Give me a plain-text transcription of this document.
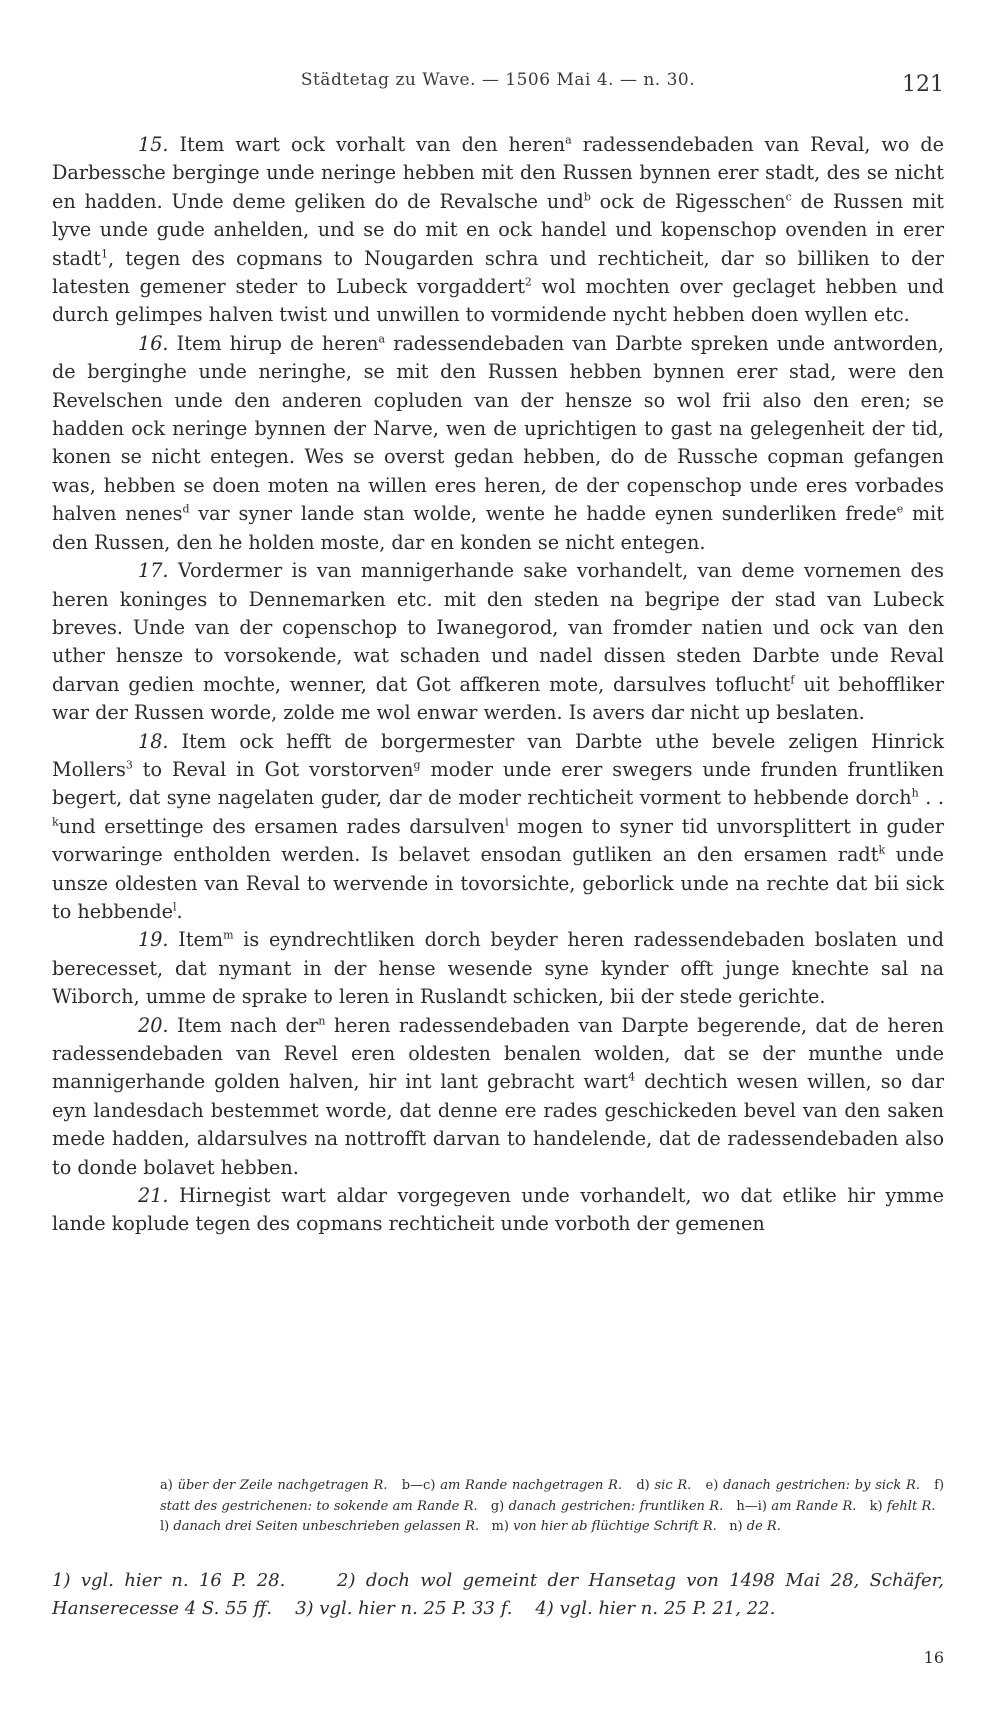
Städtetag zu Wave. — 1506 Mai 4. — n. 30.	121

15. Item wart ock vorhalt van den heren$^a$ radessendebaden van Reval, wo de Darbessche berginge unde neringe hebben mit den Russen bynnen erer stadt, des se nicht en hadden. Unde deme geliken do de Revalsche und$^b$ ock de Rigesschen$^c$ de Russen mit lyve unde gude anhelden, und se do mit en ock handel und kopenschop ovenden in erer stadt$^1$, tegen des copmans to Nougarden schra und rechticheit, dar so billiken to der latesten gemener steder to Lubeck vorgaddert$^2$ wol mochten over geclaget hebben und durch gelimpes halven twist und unwillen to vormidende nycht hebben doen wyllen etc.

16. Item hirup de heren$^a$ radessendebaden van Darbte spreken unde antworden, de berginghe unde neringhe, se mit den Russen hebben bynnen erer stad, were den Revelschen unde den anderen copluden van der hensze so wol frii also den eren; se hadden ock neringe bynnen der Narve, wen de uprichtigen to gast na gelegenheit der tid, konen se nicht entegen. Wes se overst gedan hebben, do de Russche copman gefangen was, hebben se doen moten na willen eres heren, de der copenschop unde eres vorbades halven nenes$^d$ var syner lande stan wolde, wente he hadde eynen sunderliken frede$^e$ mit den Russen, den he holden moste, dar en konden se nicht entegen.

17. Vordermer is van mannigerhande sake vorhandelt, van deme vornemen des heren koninges to Dennemarken etc. mit den steden na begripe der stad van Lubeck breves. Unde van der copenschop to Iwanegorod, van fromder natien und ock van den uther hensze to vorsokende, wat schaden und nadel dissen steden Darbte unde Reval darvan gedien mochte, wenner, dat Got affkeren mote, darsulves toflucht$^f$ uit behoffliker war der Russen worde, zolde me wol enwar werden. Is avers dar nicht up beslaten.

18. Item ock hefft de borgermester van Darbte uthe bevele zeligen Hinrick Mollers$^3$ to Reval in Got vorstorven$^g$ moder unde erer swegers unde frunden fruntliken begert, dat syne nagelaten guder, dar de moder rechticheit vorment to hebbende dorch$^h$ . . $^k$und ersettinge des ersamen rades darsulven$^i$ mogen to syner tid unvorsplittert in guder vorwaringe entholden werden. Is belavet ensodan gutliken an den ersamen radt$^k$ unde unsze oldesten van Reval to wervende in tovorsichte, geborlick unde na rechte dat bii sick to hebbende$^l$.

19. Item$^m$ is eyndrechtliken dorch beyder heren radessendebaden boslaten und berecesset, dat nymant in der hense wesende syne kynder offt junge knechte sal na Wiborch, umme de sprake to leren in Ruslandt schicken, bii der stede gerichte.

20. Item nach der$^n$ heren radessendebaden van Darpte begerende, dat de heren radessendebaden van Revel eren oldesten benalen wolden, dat se der munthe unde mannigerhande golden halven, hir int lant gebracht wart$^4$ dechtich wesen willen, so dar eyn landesdach bestemmet worde, dat denne ere rades geschickeden bevel van den saken mede hadden, aldarsulves na nottrofft darvan to handelende, dat de radessendebaden also to donde bolavet hebben.

21. Hirnegist wart aldar vorgegeven unde vorhandelt, wo dat etlike hir ymme lande koplude tegen des copmans rechticheit unde vorboth der gemenen

a) über der Zeile nachgetragen R. b—c) am Rande nachgetragen R. d) sic R. e) danach gestrichen: by sick R. f) statt des gestrichenen: to sokende am Rande R. g) danach gestrichen: fruntliken R. h—i) am Rande R. k) fehlt R.   l) danach drei Seiten unbeschrieben gelassen R. m) von hier ab flüchtige Schrift R. n) de R.
1) vgl. hier n. 16 P. 28.	2) doch wol gemeint der Hansetag von 1498 Mai 28, Schäfer, Hanserecesse 4 S. 55 ff. 3) vgl. hier n. 25 P. 33 f. 4) vgl. hier n. 25 P. 21, 22.
16
